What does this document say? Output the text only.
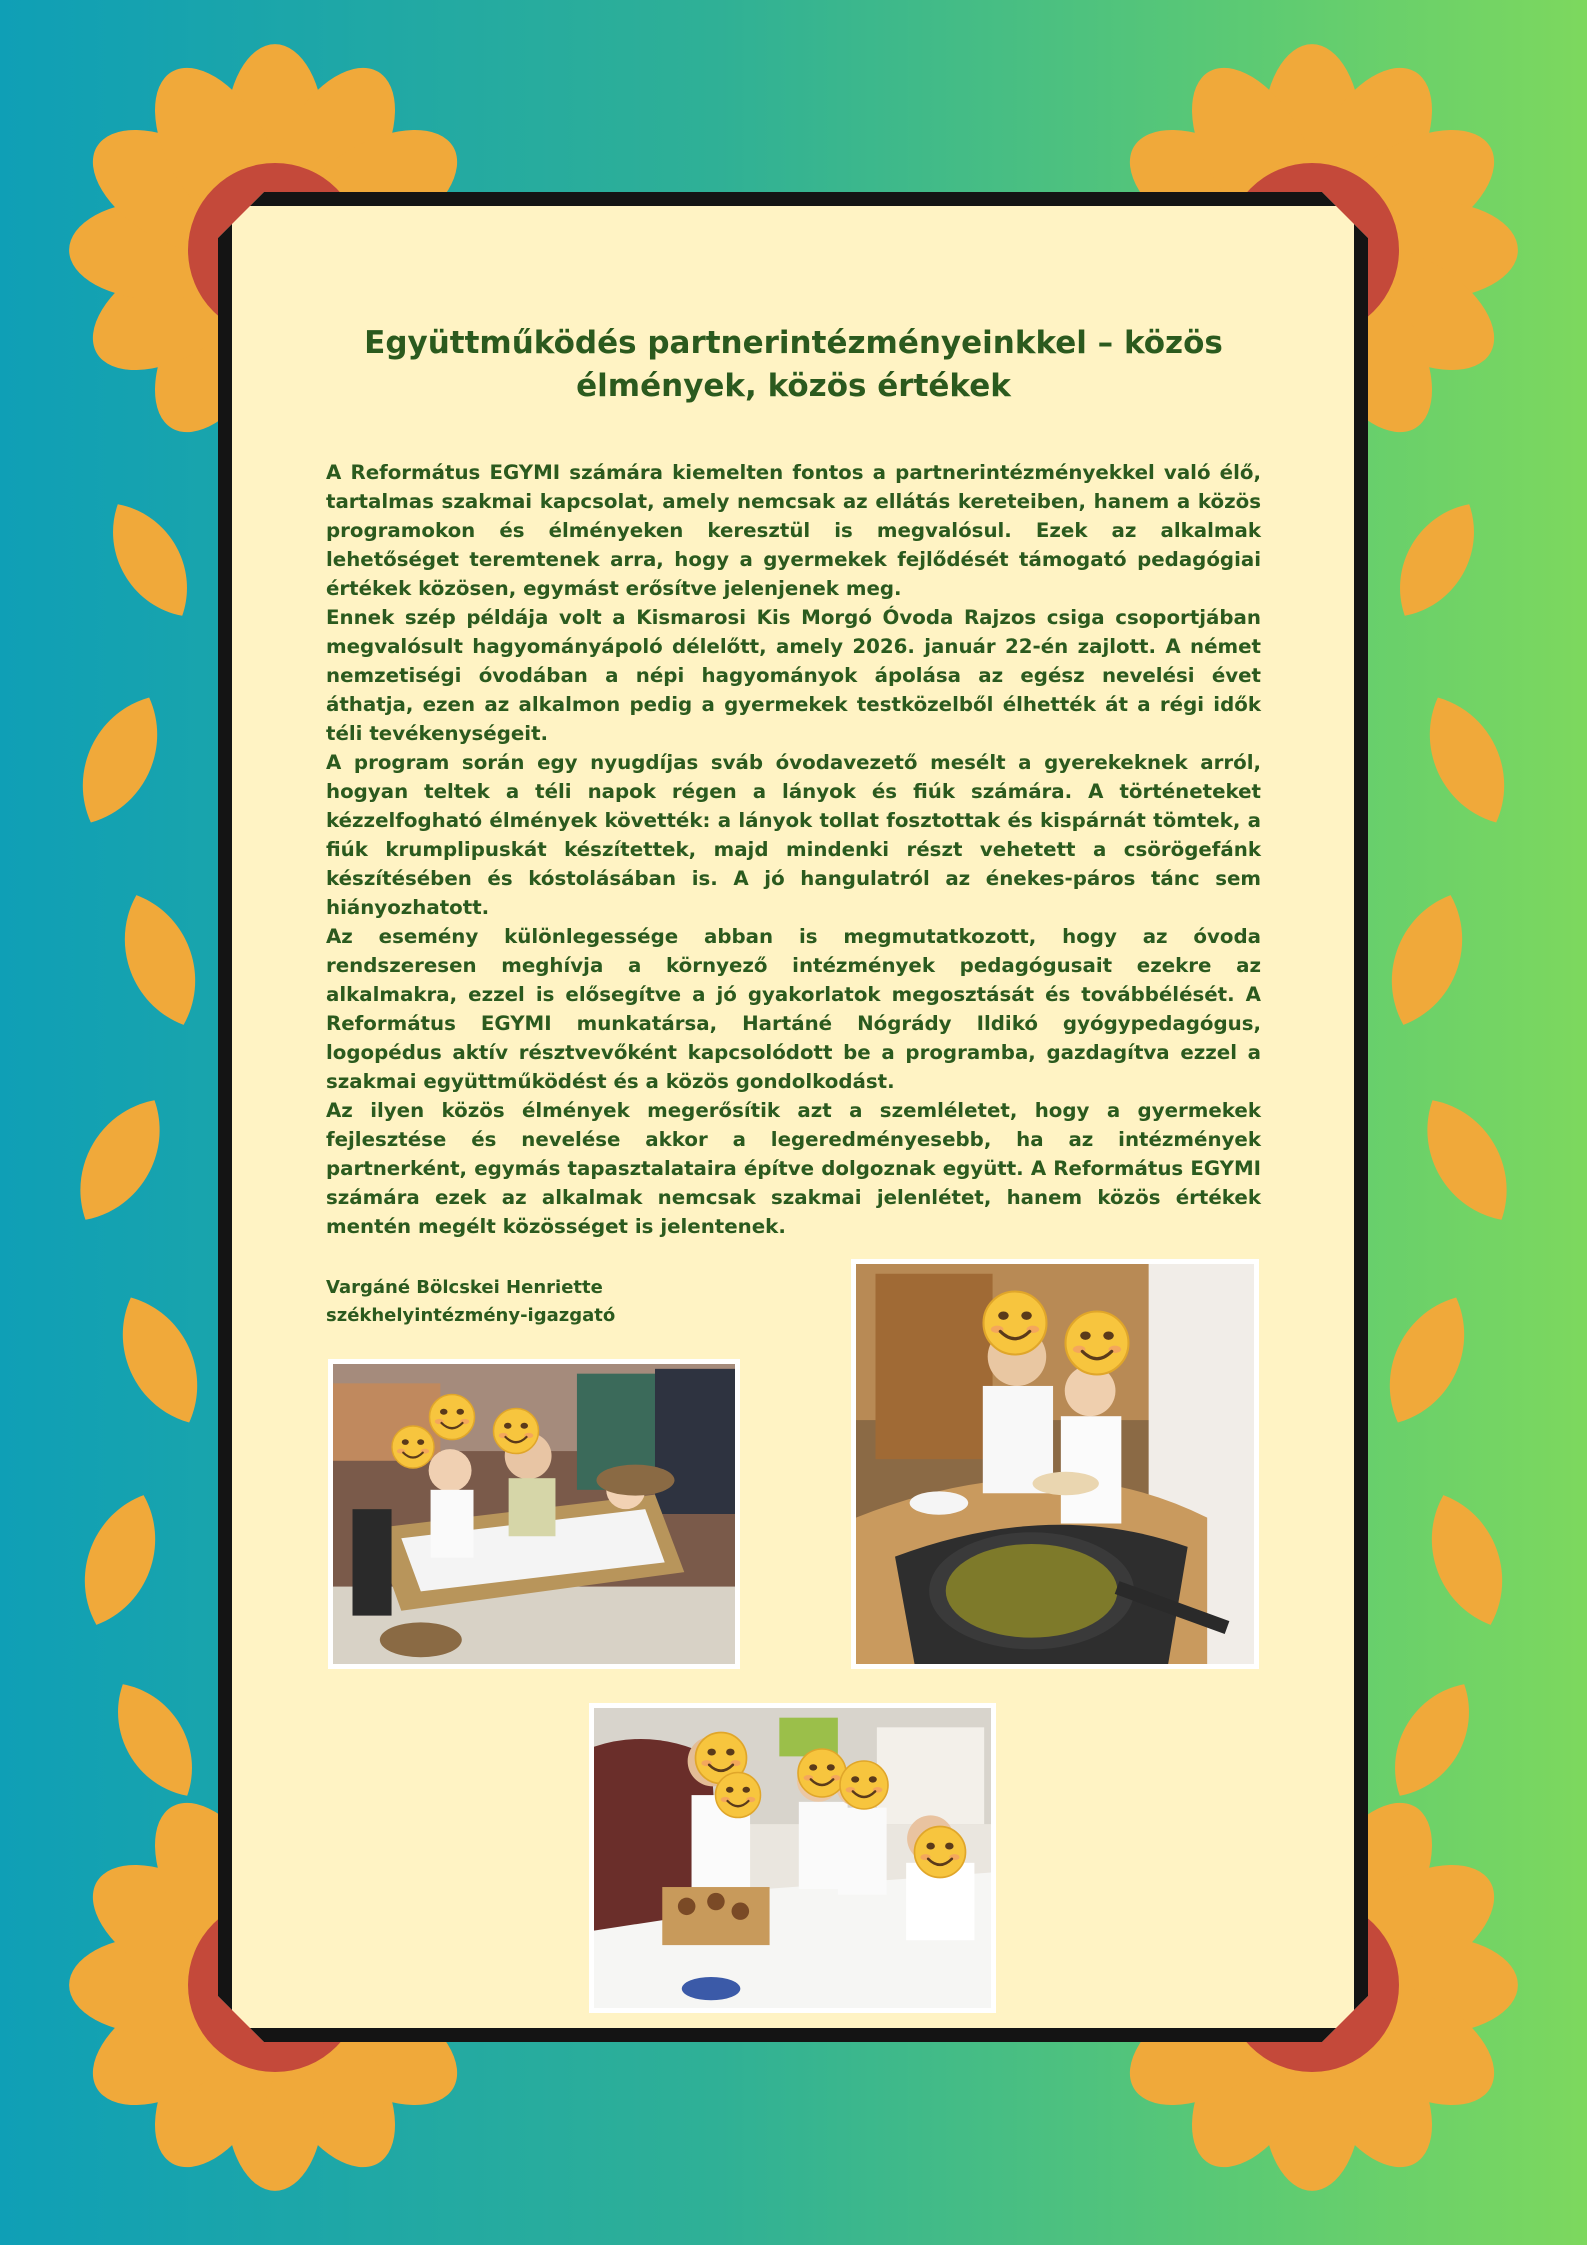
Együttműködés partnerintézményeinkkel – közös
élmények, közös értékek

A Református EGYMI számára kiemelten fontos a partnerintézményekkel való élő, tartalmas szakmai kapcsolat, amely nemcsak az ellátás kereteiben, hanem a közös programokon és élményeken keresztül is megvalósul. Ezek az alkalmak lehetőséget teremtenek arra, hogy a gyermekek fejlődését támogató pedagógiai értékek közösen, egymást erősítve jelenjenek meg.

Ennek szép példája volt a Kismarosi Kis Morgó Óvoda Rajzos csiga csoportjában megvalósult hagyományápoló délelőtt, amely 2026. január 22-én zajlott. A német nemzetiségi óvodában a népi hagyományok ápolása az egész nevelési évet áthatja, ezen az alkalmon pedig a gyermekek testközelből élhették át a régi idők téli tevékenységeit.

A program során egy nyugdíjas sváb óvodavezető mesélt a gyerekeknek arról, hogyan teltek a téli napok régen a lányok és fiúk számára. A történeteket kézzelfogható élmények követték: a lányok tollat fosztottak és kispárnát tömtek, a fiúk krumplipuskát készítettek, majd mindenki részt vehetett a csörögefánk készítésében és kóstolásában is. A jó hangulatról az énekes-páros tánc sem hiányozhatott.

Az esemény különlegessége abban is megmutatkozott, hogy az óvoda rendszeresen meghívja a környező intézmények pedagógusait ezekre az alkalmakra, ezzel is elősegítve a jó gyakorlatok megosztását és továbbélését. A Református EGYMI munkatársa, Hartáné Nógrády Ildikó gyógypedagógus, logopédus aktív résztvevőként kapcsolódott be a programba, gazdagítva ezzel a szakmai együttműködést és a közös gondolkodást.

Az ilyen közös élmények megerősítik azt a szemléletet, hogy a gyermekek fejlesztése és nevelése akkor a legeredményesebb, ha az intézmények partnerként, egymás tapasztalataira építve dolgoznak együtt. A Református EGYMI számára ezek az alkalmak nemcsak szakmai jelenlétet, hanem közös értékek mentén megélt közösséget is jelentenek.

Vargáné Bölcskei Henriette
székhelyintézmény-igazgató
